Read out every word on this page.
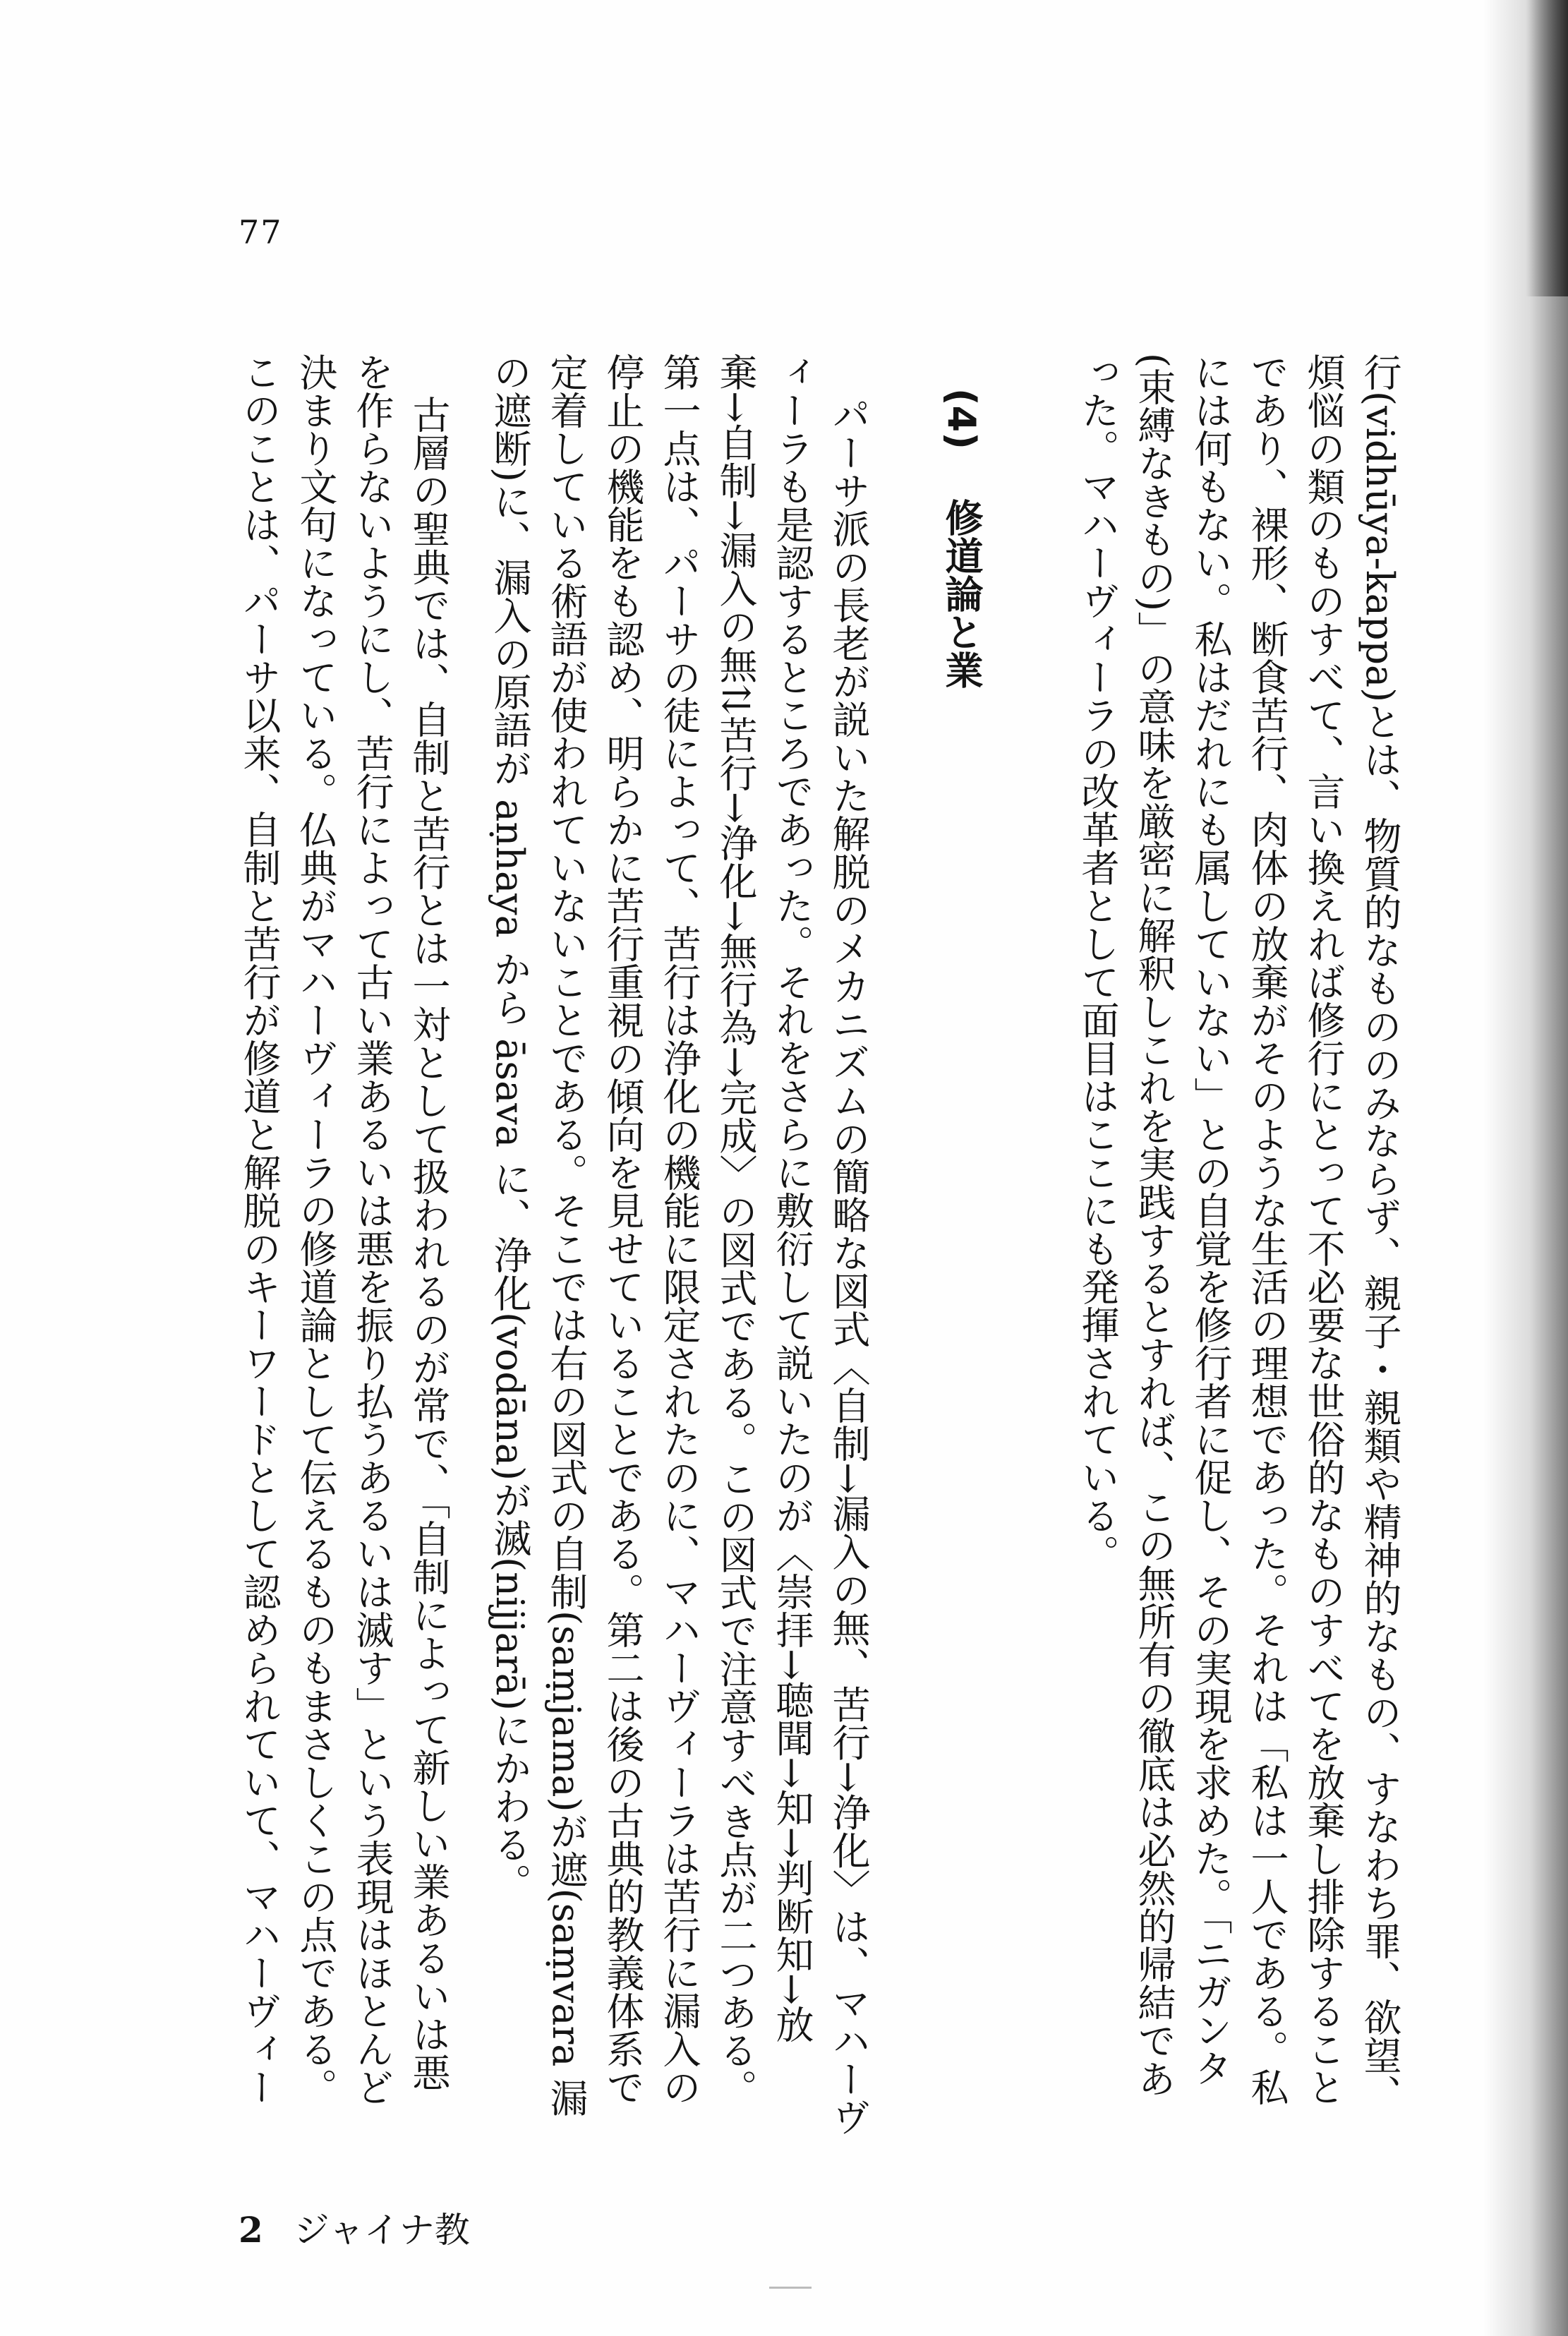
77
行(vidhūya-kappa)とは、物質的なもののみならず、親子・親類や精神的なもの、すなわち罪、欲望、
煩悩の類のものすべて、言い換えれば修行にとって不必要な世俗的なものすべてを放棄し排除すること
であり、裸形、断食苦行、肉体の放棄がそのような生活の理想であった。それは「私は一人である。私
には何もない。私はだれにも属していない」との自覚を修行者に促し、その実現を求めた。「ニガンタ
(束縛なきもの)」の意味を厳密に解釈しこれを実践するとすれば、この無所有の徹底は必然的帰結であ
った。マハーヴィーラの改革者として面目はここにも発揮されている。
(4) 修道論と業
パーサ派の長老が説いた解脱のメカニズムの簡略な図式〈自制→漏入の無、苦行→浄化〉は、マハーヴ
ィーラも是認するところであった。それをさらに敷衍して説いたのが〈崇拝→聴聞→知→判断知→放
棄→自制→漏入の無⇅苦行→浄化→無行為→完成〉の図式である。この図式で注意すべき点が二つある。
第一点は、パーサの徒によって、苦行は浄化の機能に限定されたのに、マハーヴィーラは苦行に漏入の
停止の機能をも認め、明らかに苦行重視の傾向を見せていることである。第二は後の古典的教義体系で
定着している術語が使われていないことである。そこでは右の図式の自制(saṃjama)が遮(saṃvara 漏
の遮断)に、漏入の原語が aṇhaya から āsava に、浄化(vodāna)が滅(nijjarā)にかわる。
古層の聖典では、自制と苦行とは一対として扱われるのが常で、「自制によって新しい業あるいは悪
を作らないようにし、苦行によって古い業あるいは悪を振り払うあるいは滅す」という表現はほとんど
決まり文句になっている。仏典がマハーヴィーラの修道論として伝えるものもまさしくこの点である。
このことは、パーサ以来、自制と苦行が修道と解脱のキーワードとして認められていて、マハーヴィー
2 ジャイナ教
